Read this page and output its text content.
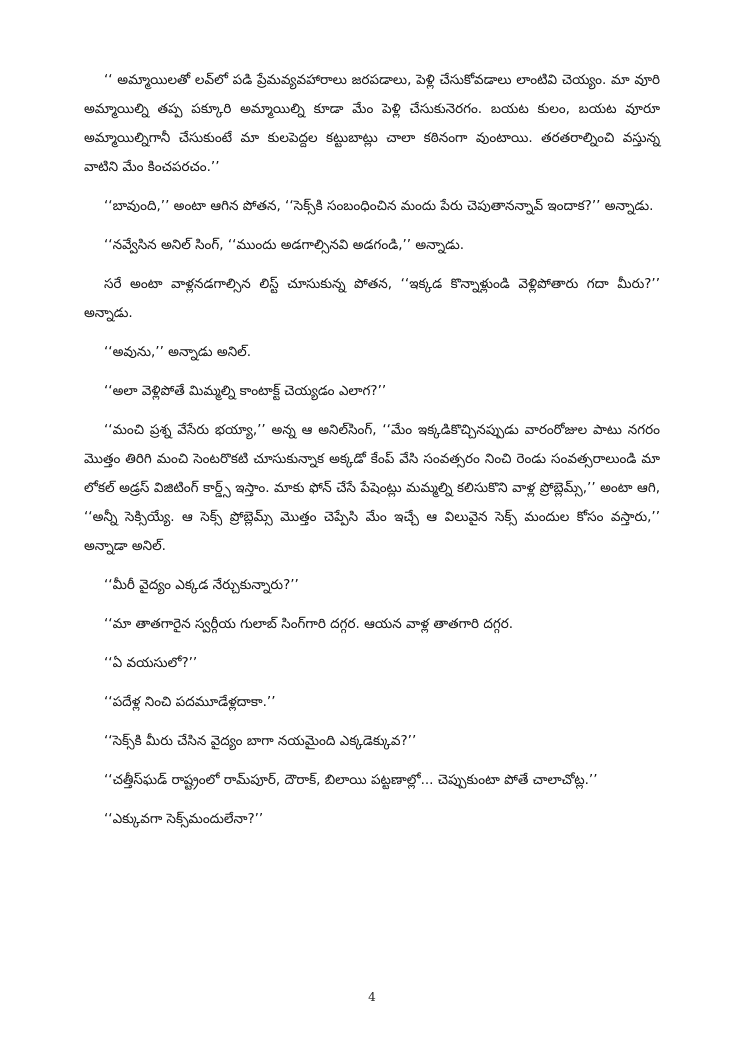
‘‘ అమ్మాయిలతో లవ్‌లో పడి ప్రేమవ్యవహారాలు జరపడాలు, పెళ్లి చేసుకోవడాలు లాంటివి చెయ్యం. మా వూరి అమ్మాయిల్ని తప్ప పక్కూరి అమ్మాయిల్ని కూడా మేం పెళ్లి చేసుకునెరగం. బయట కులం, బయట వూరూ అమ్మాయిల్నిగానీ చేసుకుంటే మా కులపెద్దల కట్టుబాట్లు చాలా కఠినంగా వుంటాయి. తరతరాల్నించి వస్తున్న వాటిని మేం కించపరచం.’’

‘‘బావుంది,’’ అంటా ఆగిన పోతన, ‘‘సెక్స్‌కి సంబంధించిన మందు పేరు చెపుతానన్నావ్ ఇందాక?’’ అన్నాడు.

‘‘నవ్వేసిన అనిల్ సింగ్, ‘‘ముందు అడగాల్సినవి అడగండి,’’ అన్నాడు.

సరే అంటా వాళ్లనడగాల్సిన లిస్ట్ చూసుకున్న పోతన, ‘‘ఇక్కడ కొన్నాళ్లుండి వెళ్లిపోతారు గదా మీరు?’’ అన్నాడు.

‘‘అవును,’’ అన్నాడు అనిల్.

‘‘అలా వెళ్లిపోతే మిమ్మల్ని కాంటాక్ట్ చెయ్యడం ఎలాగ?’’

‘‘మంచి ప్రశ్న వేసేరు భయ్యా,’’ అన్న ఆ అనిల్‌సింగ్, ‘‘మేం ఇక్కడికొచ్చినప్పుడు వారంరోజుల పాటు నగరం మొత్తం తిరిగి మంచి సెంటరొకటి చూసుకున్నాక అక్కడో కేంప్ వేసి సంవత్సరం నించి రెండు సంవత్సరాలుండి మా లోకల్ అడ్రస్ విజిటింగ్ కార్డ్స్ ఇస్తాం. మాకు ఫోన్ చేసే పేషెంట్లు మమ్మల్ని కలిసుకొని వాళ్ల ప్రోబ్లెమ్స్,’’ అంటా ఆగి, ‘‘అన్నీ సెక్సియ్యే. ఆ సెక్స్ ప్రోబ్లెమ్స్ మొత్తం చెప్పేసి మేం ఇచ్చే ఆ విలువైన సెక్స్ మందుల కోసం వస్తారు,’’ అన్నాడా అనిల్.

‘‘మీరీ వైద్యం ఎక్కడ నేర్చుకున్నారు?’’

‘‘మా తాతగారైన స్వర్గీయ గులాబ్ సింగ్‌గారి దగ్గర. ఆయన వాళ్ల తాతగారి దగ్గర.

‘‘ఏ వయసులో?’’

‘‘పదేళ్ల నించి పదమూడేళ్లదాకా.’’

‘‘సెక్స్‌కి మీరు చేసిన వైద్యం బాగా నయమైంది ఎక్కడెక్కువ?’’

‘‘చత్తీస్‌ఘడ్ రాష్ట్రంలో రామ్‌పూర్, దౌరాక్, బిలాయి పట్టణాల్లో... చెప్పుకుంటా పోతే చాలాచోట్ల.’’

‘‘ఎక్కువగా సెక్స్‌మందులేనా?’’

4
